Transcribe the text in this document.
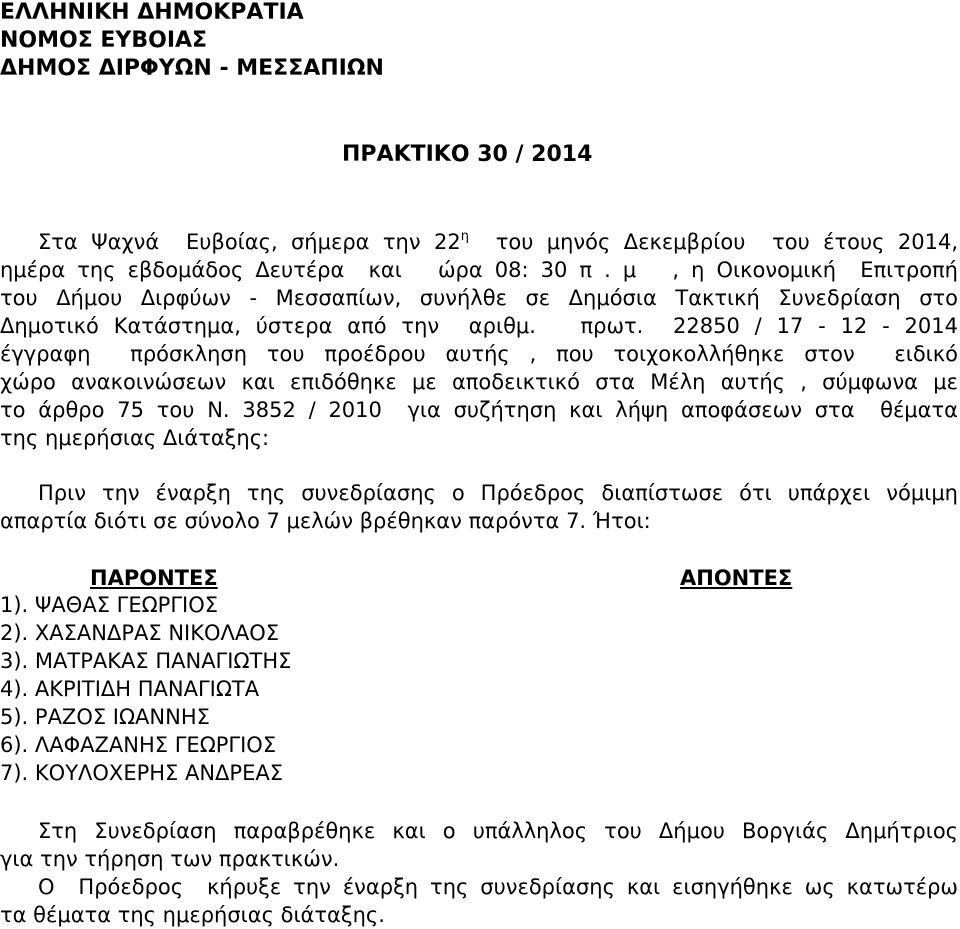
ΕΛΛΗΝΙΚΗ ΔΗΜΟΚΡΑΤΙΑ
ΝΟΜΟΣ ΕΥΒΟΙΑΣ
ΔΗΜΟΣ ΔΙΡΦΥΩΝ - ΜΕΣΣΑΠΙΩΝ
ΠΡΑΚΤΙΚΟ 30 / 2014
Στα Ψαχνά  Ευβοίας, σήμερα την $22^\eta$  του μηνός Δεκεμβρίου  του έτους 2014,
ημέρα της εβδομάδος Δευτέρα  και   ώρα 08: 30 π . μ   , η Οικονομική  Επιτροπή
του Δήμου Διρφύων - Μεσσαπίων, συνήλθε σε Δημόσια Τακτική Συνεδρίαση στο
Δημοτικό Κατάστημα, ύστερα από την  αριθμ.   πρωτ.  22850 / 17 - 12 - 2014
έγγραφη  πρόσκληση του προέδρου αυτής , που τοιχοκολλήθηκε στον  ειδικό
χώρο ανακοινώσεων και επιδόθηκε με αποδεικτικό στα Μέλη αυτής , σύμφωνα με
το άρθρο 75 του Ν. 3852 / 2010  για συζήτηση και λήψη αποφάσεων στα  θέματα
της ημερήσιας Διάταξης:
Πριν την έναρξη της συνεδρίασης ο Πρόεδρος διαπίστωσε ότι υπάρχει νόμιμη
απαρτία διότι σε σύνολο 7 μελών βρέθηκαν παρόντα 7. Ήτοι:
ΠΑΡΟΝΤΕΣ	ΑΠΟΝΤΕΣ
1). ΨΑΘΑΣ ΓΕΩΡΓΙΟΣ
2). ΧΑΣΑΝΔΡΑΣ ΝΙΚΟΛΑΟΣ
3). ΜΑΤΡΑΚΑΣ ΠΑΝΑΓΙΩΤΗΣ
4). ΑΚΡΙΤΙΔΗ ΠΑΝΑΓΙΩΤΑ
5). ΡΑΖΟΣ ΙΩΑΝΝΗΣ
6). ΛΑΦΑΖΑΝΗΣ ΓΕΩΡΓΙΟΣ
7). ΚΟΥΛΟΧΕΡΗΣ ΑΝΔΡΕΑΣ
Στη Συνεδρίαση παραβρέθηκε και ο υπάλληλος του Δήμου Βοργιάς Δημήτριος
για την τήρηση των πρακτικών.
Ο  Πρόεδρος  κήρυξε την έναρξη της συνεδρίασης και εισηγήθηκε ως κατωτέρω
τα θέματα της ημερήσιας διάταξης.
